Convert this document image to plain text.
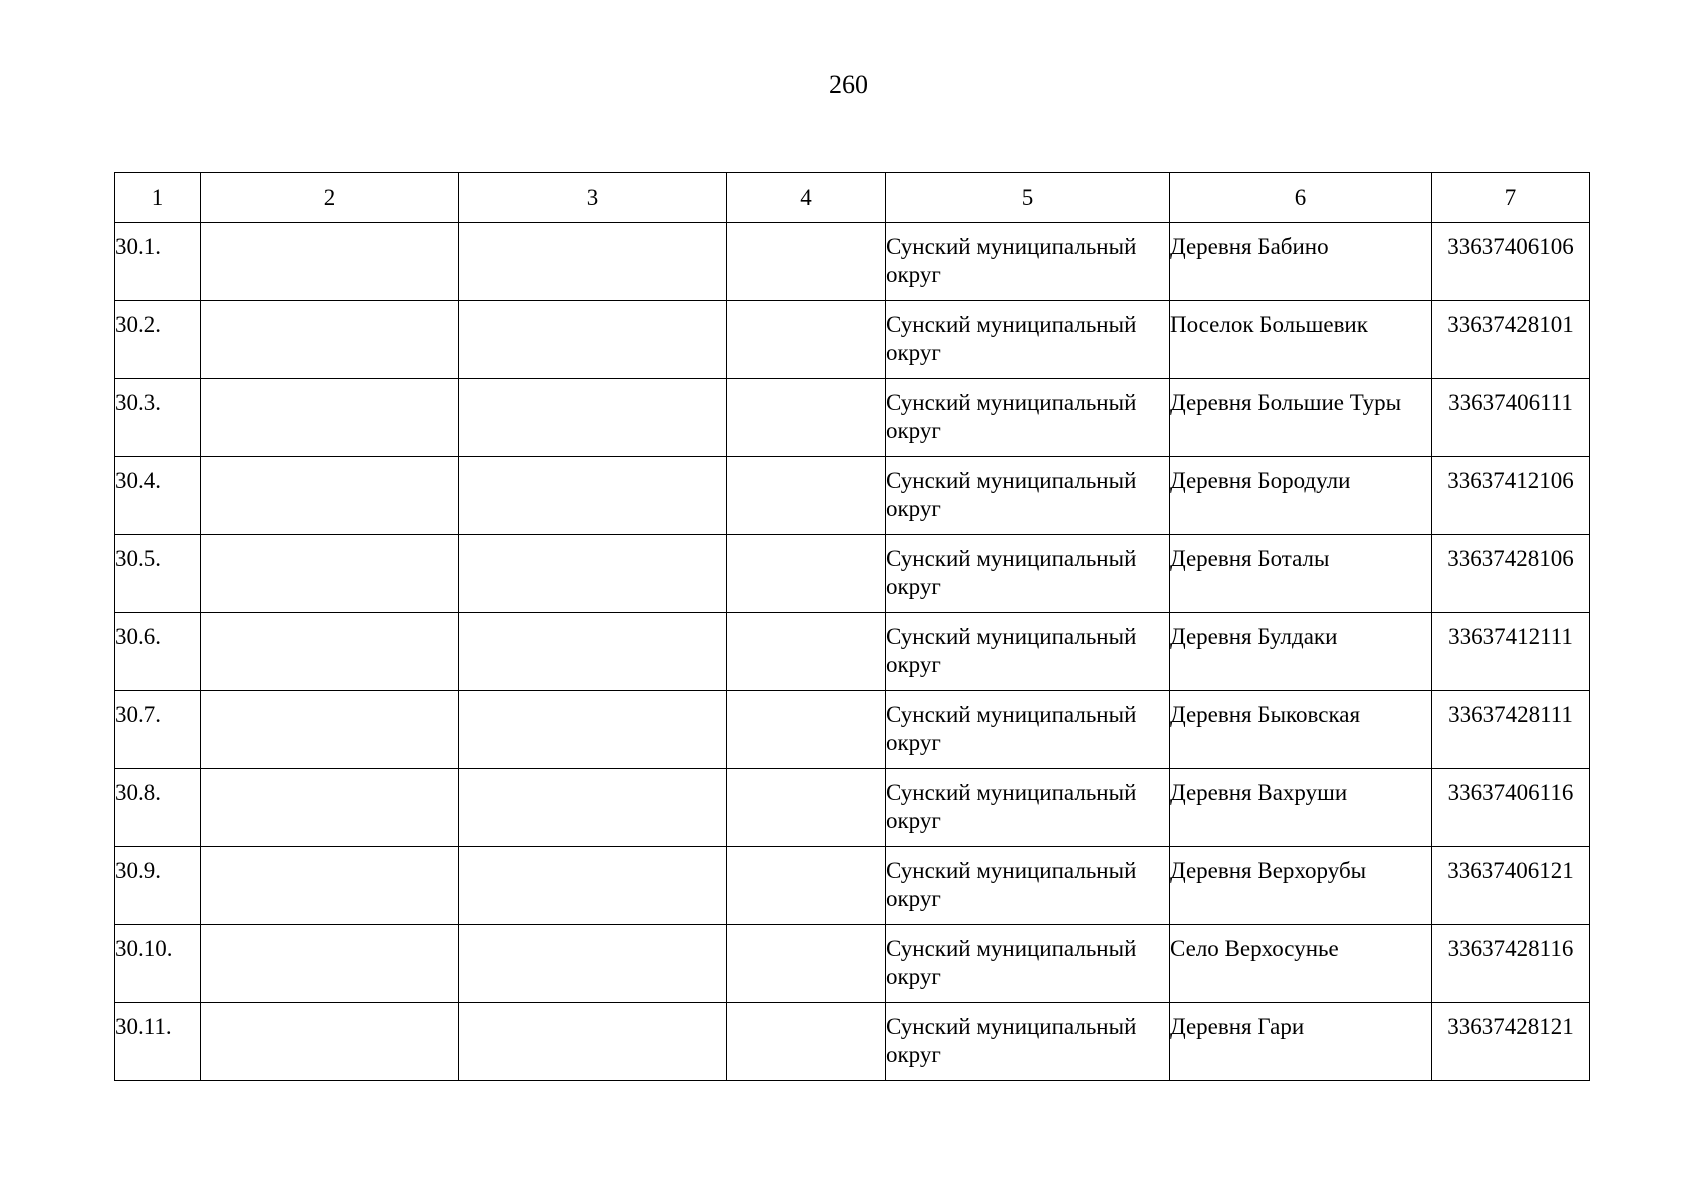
260
1	2	3	4	5	6	7
30.1.				Сунский муниципальный округ	Деревня Бабино	33637406106
30.2.				Сунский муниципальный округ	Поселок Большевик	33637428101
30.3.				Сунский муниципальный округ	Деревня Большие Туры	33637406111
30.4.				Сунский муниципальный округ	Деревня Бородули	33637412106
30.5.				Сунский муниципальный округ	Деревня Боталы	33637428106
30.6.				Сунский муниципальный округ	Деревня Булдаки	33637412111
30.7.				Сунский муниципальный округ	Деревня Быковская	33637428111
30.8.				Сунский муниципальный округ	Деревня Вахруши	33637406116
30.9.				Сунский муниципальный округ	Деревня Верхорубы	33637406121
30.10.				Сунский муниципальный округ	Село Верхосунье	33637428116
30.11.				Сунский муниципальный округ	Деревня Гари	33637428121
